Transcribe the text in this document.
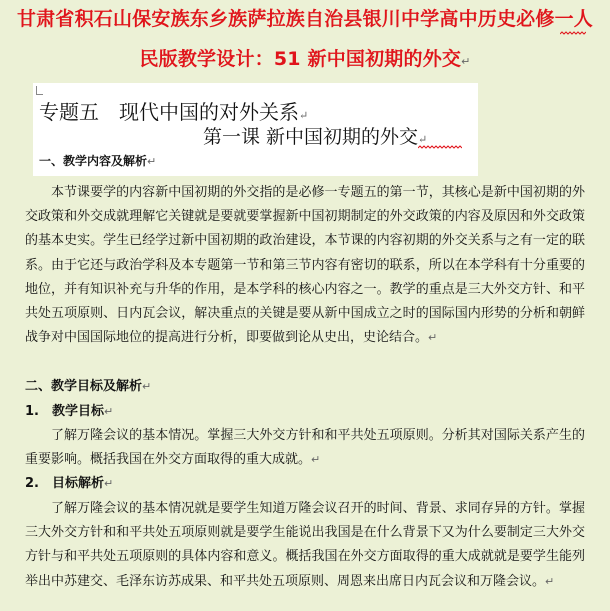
甘肃省积石山保安族东乡族萨拉族自治县银川中学高中历史必修一人
民版教学设计：51 新中国初期的外交↵
专题五　现代中国的对外关系↵
第一课 新中国初期的外交↵
一、教学内容及解析↵
本节课要学的内容新中国初期的外交指的是必修一专题五的第一节，其核心是新中国初期的外交政策和外交成就理解它关键就是要就要掌握新中国初期制定的外交政策的内容及原因和外交政策的基本史实。学生已经学过新中国初期的政治建设，本节课的内容初期的外交关系与之有一定的联系。由于它还与政治学科及本专题第一节和第三节内容有密切的联系，所以在本学科有十分重要的地位，并有知识补充与升华的作用，是本学科的核心内容之一。教学的重点是三大外交方针、和平共处五项原则、日内瓦会议，解决重点的关键是要从新中国成立之时的国际国内形势的分析和朝鲜战争对中国国际地位的提高进行分析，即要做到论从史出，史论结合。↵
二、教学目标及解析↵
1.　教学目标↵
了解万隆会议的基本情况。掌握三大外交方针和和平共处五项原则。分析其对国际关系产生的重要影响。概括我国在外交方面取得的重大成就。↵
2.　目标解析↵
了解万隆会议的基本情况就是要学生知道万隆会议召开的时间、背景、求同存异的方针。掌握三大外交方针和和平共处五项原则就是要学生能说出我国是在什么背景下又为什么要制定三大外交方针与和平共处五项原则的具体内容和意义。概括我国在外交方面取得的重大成就就是要学生能列举出中苏建交、毛泽东访苏成果、和平共处五项原则、周恩来出席日内瓦会议和万隆会议。↵
